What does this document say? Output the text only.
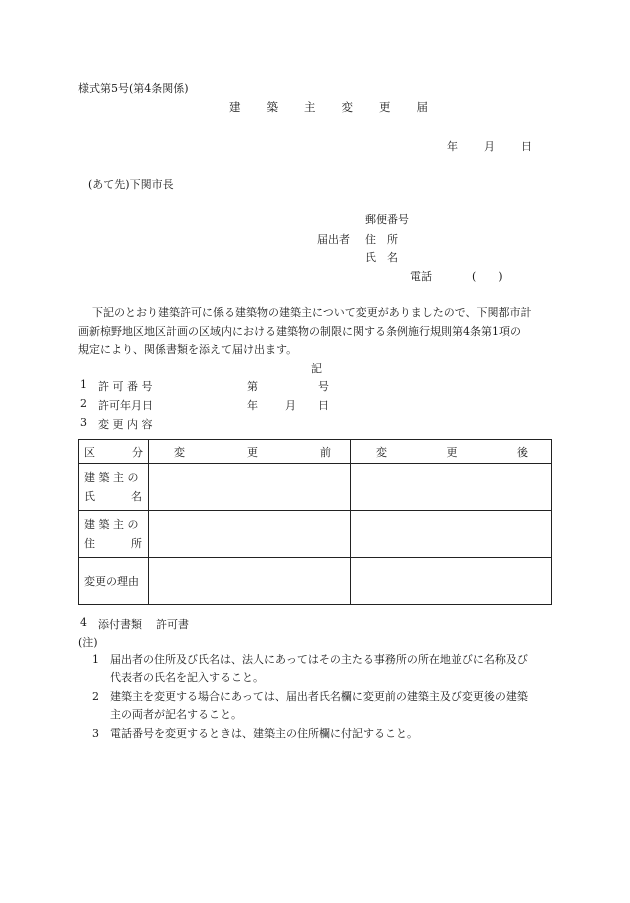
様式第5号(第4条関係)
建築主変更届
年 月 日
(あて先)下関市長
郵便番号
届出者 住　所
氏　名
電話	(　　)
下記のとおり建築許可に係る建築物の建築主について変更がありましたので、下関都市計
画新椋野地区地区計画の区域内における建築物の制限に関する条例施行規則第4条第1項の
規定により、関係書類を添えて届け出ます。
記
1 許 可 番 号	第	号
2 許可年月日	年 月 日
3 変 更 内 容
区 分	変 更 前	変 更 後

建 築 主 の
氏 名		

建 築 主 の
住 所		

変更の理由		
4 添付書類 許可書
(注)
1 届出者の住所及び氏名は、法人にあってはその主たる事務所の所在地並びに名称及び
代表者の氏名を記入すること。
2 建築主を変更する場合にあっては、届出者氏名欄に変更前の建築主及び変更後の建築
主の両者が記名すること。
3 電話番号を変更するときは、建築主の住所欄に付記すること。
